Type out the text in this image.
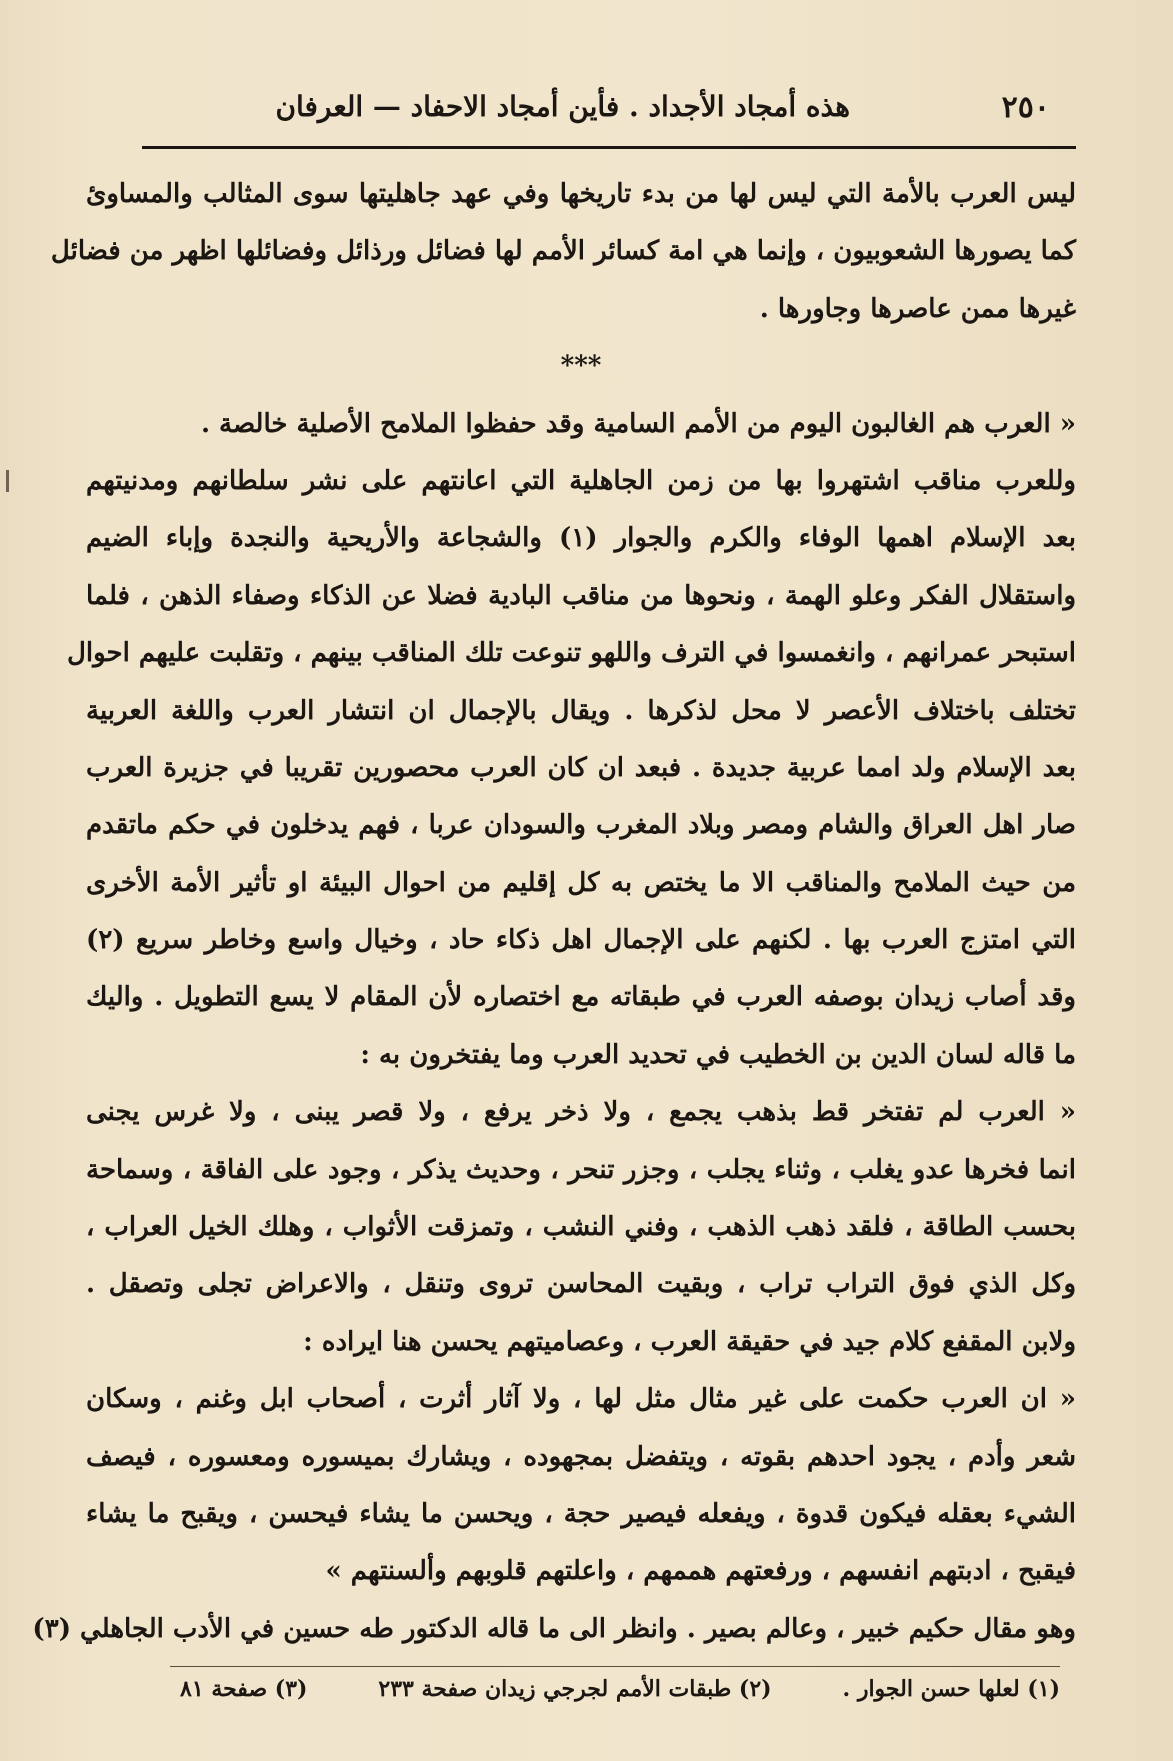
٢٥٠
هذه أمجاد الأجداد . فأين أمجاد الاحفاد — العرفان
ليس العرب بالأمة التي ليس لها من بدء تاريخها وفي عهد جاهليتها سوى المثالب والمساوئ
كما يصورها الشعوبيون ، وإنما هي امة كسائر الأمم لها فضائل ورذائل وفضائلها اظهر من فضائل
غيرها ممن عاصرها وجاورها .
***
« العرب هم الغالبون اليوم من الأمم السامية وقد حفظوا الملامح الأصلية خالصة .
وللعرب مناقب اشتهروا بها من زمن الجاهلية التي اعانتهم على نشر سلطانهم ومدنيتهم
بعد الإسلام اهمها الوفاء والكرم والجوار (١) والشجاعة والأريحية والنجدة وإباء الضيم
واستقلال الفكر وعلو الهمة ، ونحوها من مناقب البادية فضلا عن الذكاء وصفاء الذهن ، فلما
استبحر عمرانهم ، وانغمسوا في الترف واللهو تنوعت تلك المناقب بينهم ، وتقلبت عليهم احوال
تختلف باختلاف الأعصر لا محل لذكرها . ويقال بالإجمال ان انتشار العرب واللغة العربية
بعد الإسلام ولد امما عربية جديدة . فبعد ان كان العرب محصورين تقريبا في جزيرة العرب
صار اهل العراق والشام ومصر وبلاد المغرب والسودان عربا ، فهم يدخلون في حكم ماتقدم
من حيث الملامح والمناقب الا ما يختص به كل إقليم من احوال البيئة او تأثير الأمة الأخرى
التي امتزج العرب بها . لكنهم على الإجمال اهل ذكاء حاد ، وخيال واسع وخاطر سريع (٢)
وقد أصاب زيدان بوصفه العرب في طبقاته مع اختصاره لأن المقام لا يسع التطويل . واليك
ما قاله لسان الدين بن الخطيب في تحديد العرب وما يفتخرون به :
« العرب لم تفتخر قط بذهب يجمع ، ولا ذخر يرفع ، ولا قصر يبنى ، ولا غرس يجنى
انما فخرها عدو يغلب ، وثناء يجلب ، وجزر تنحر ، وحديث يذكر ، وجود على الفاقة ، وسماحة
بحسب الطاقة ، فلقد ذهب الذهب ، وفني النشب ، وتمزقت الأثواب ، وهلك الخيل العراب ،
وكل الذي فوق التراب تراب ، وبقيت المحاسن تروى وتنقل ، والاعراض تجلى وتصقل .
ولابن المقفع كلام جيد في حقيقة العرب ، وعصاميتهم يحسن هنا ايراده :
« ان العرب حكمت على غير مثال مثل لها ، ولا آثار أثرت ، أصحاب ابل وغنم ، وسكان
شعر وأدم ، يجود احدهم بقوته ، ويتفضل بمجهوده ، ويشارك بميسوره ومعسوره ، فيصف
الشيء بعقله فيكون قدوة ، ويفعله فيصير حجة ، ويحسن ما يشاء فيحسن ، ويقبح ما يشاء
فيقبح ، ادبتهم انفسهم ، ورفعتهم هممهم ، واعلتهم قلوبهم وألسنتهم »
وهو مقال حكيم خبير ، وعالم بصير . وانظر الى ما قاله الدكتور طه حسين في الأدب الجاهلي (٣)
(١) لعلها حسن الجوار .
(٢) طبقات الأمم لجرجي زيدان صفحة ٢٣٣
(٣) صفحة ٨١
